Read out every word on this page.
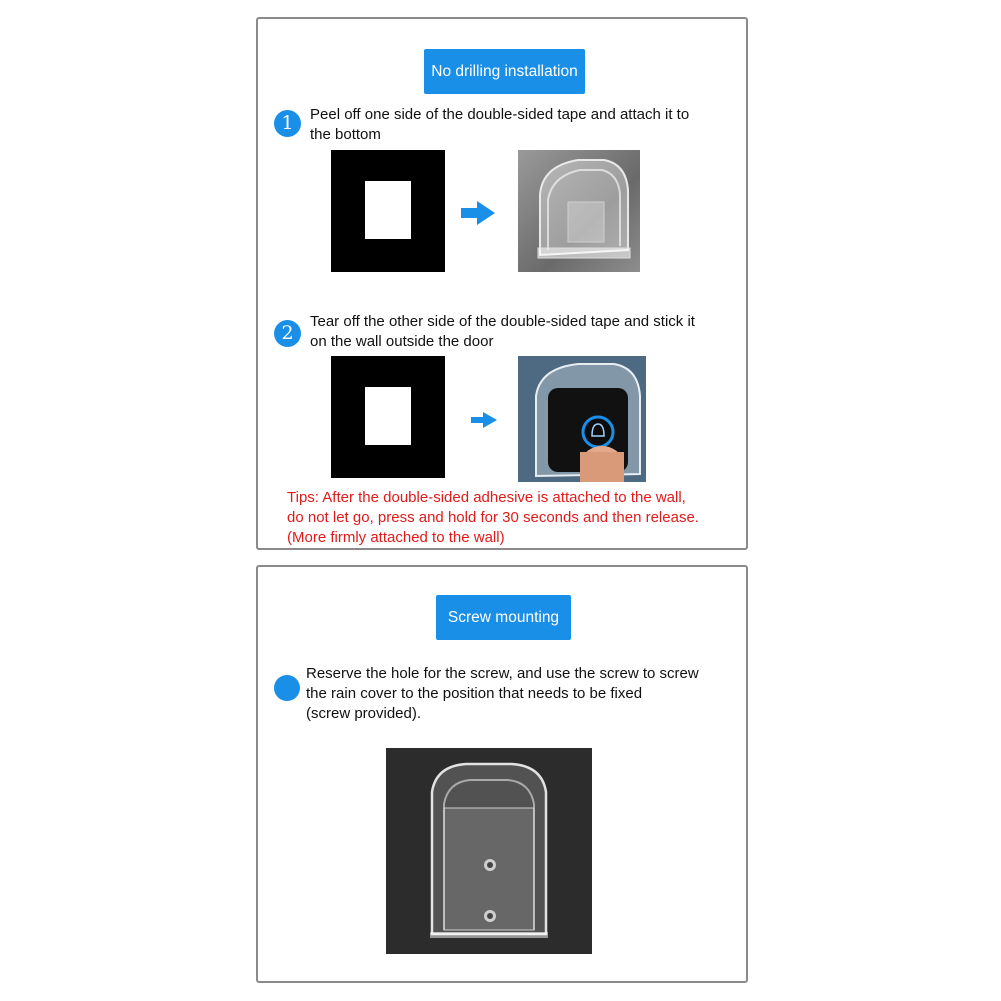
No drilling installation
1	Peel off one side of the double-sided tape and attach it to
the bottom
2
Tear off the other side of the double-sided tape and stick it
on the wall outside the door
Tips: After the double-sided adhesive is attached to the wall,
do not let go, press and hold for 30 seconds and then release.
(More firmly attached to the wall)
Screw mounting
Reserve the hole for the screw, and use the screw to screw
the rain cover to the position that needs to be fixed
(screw provided).
